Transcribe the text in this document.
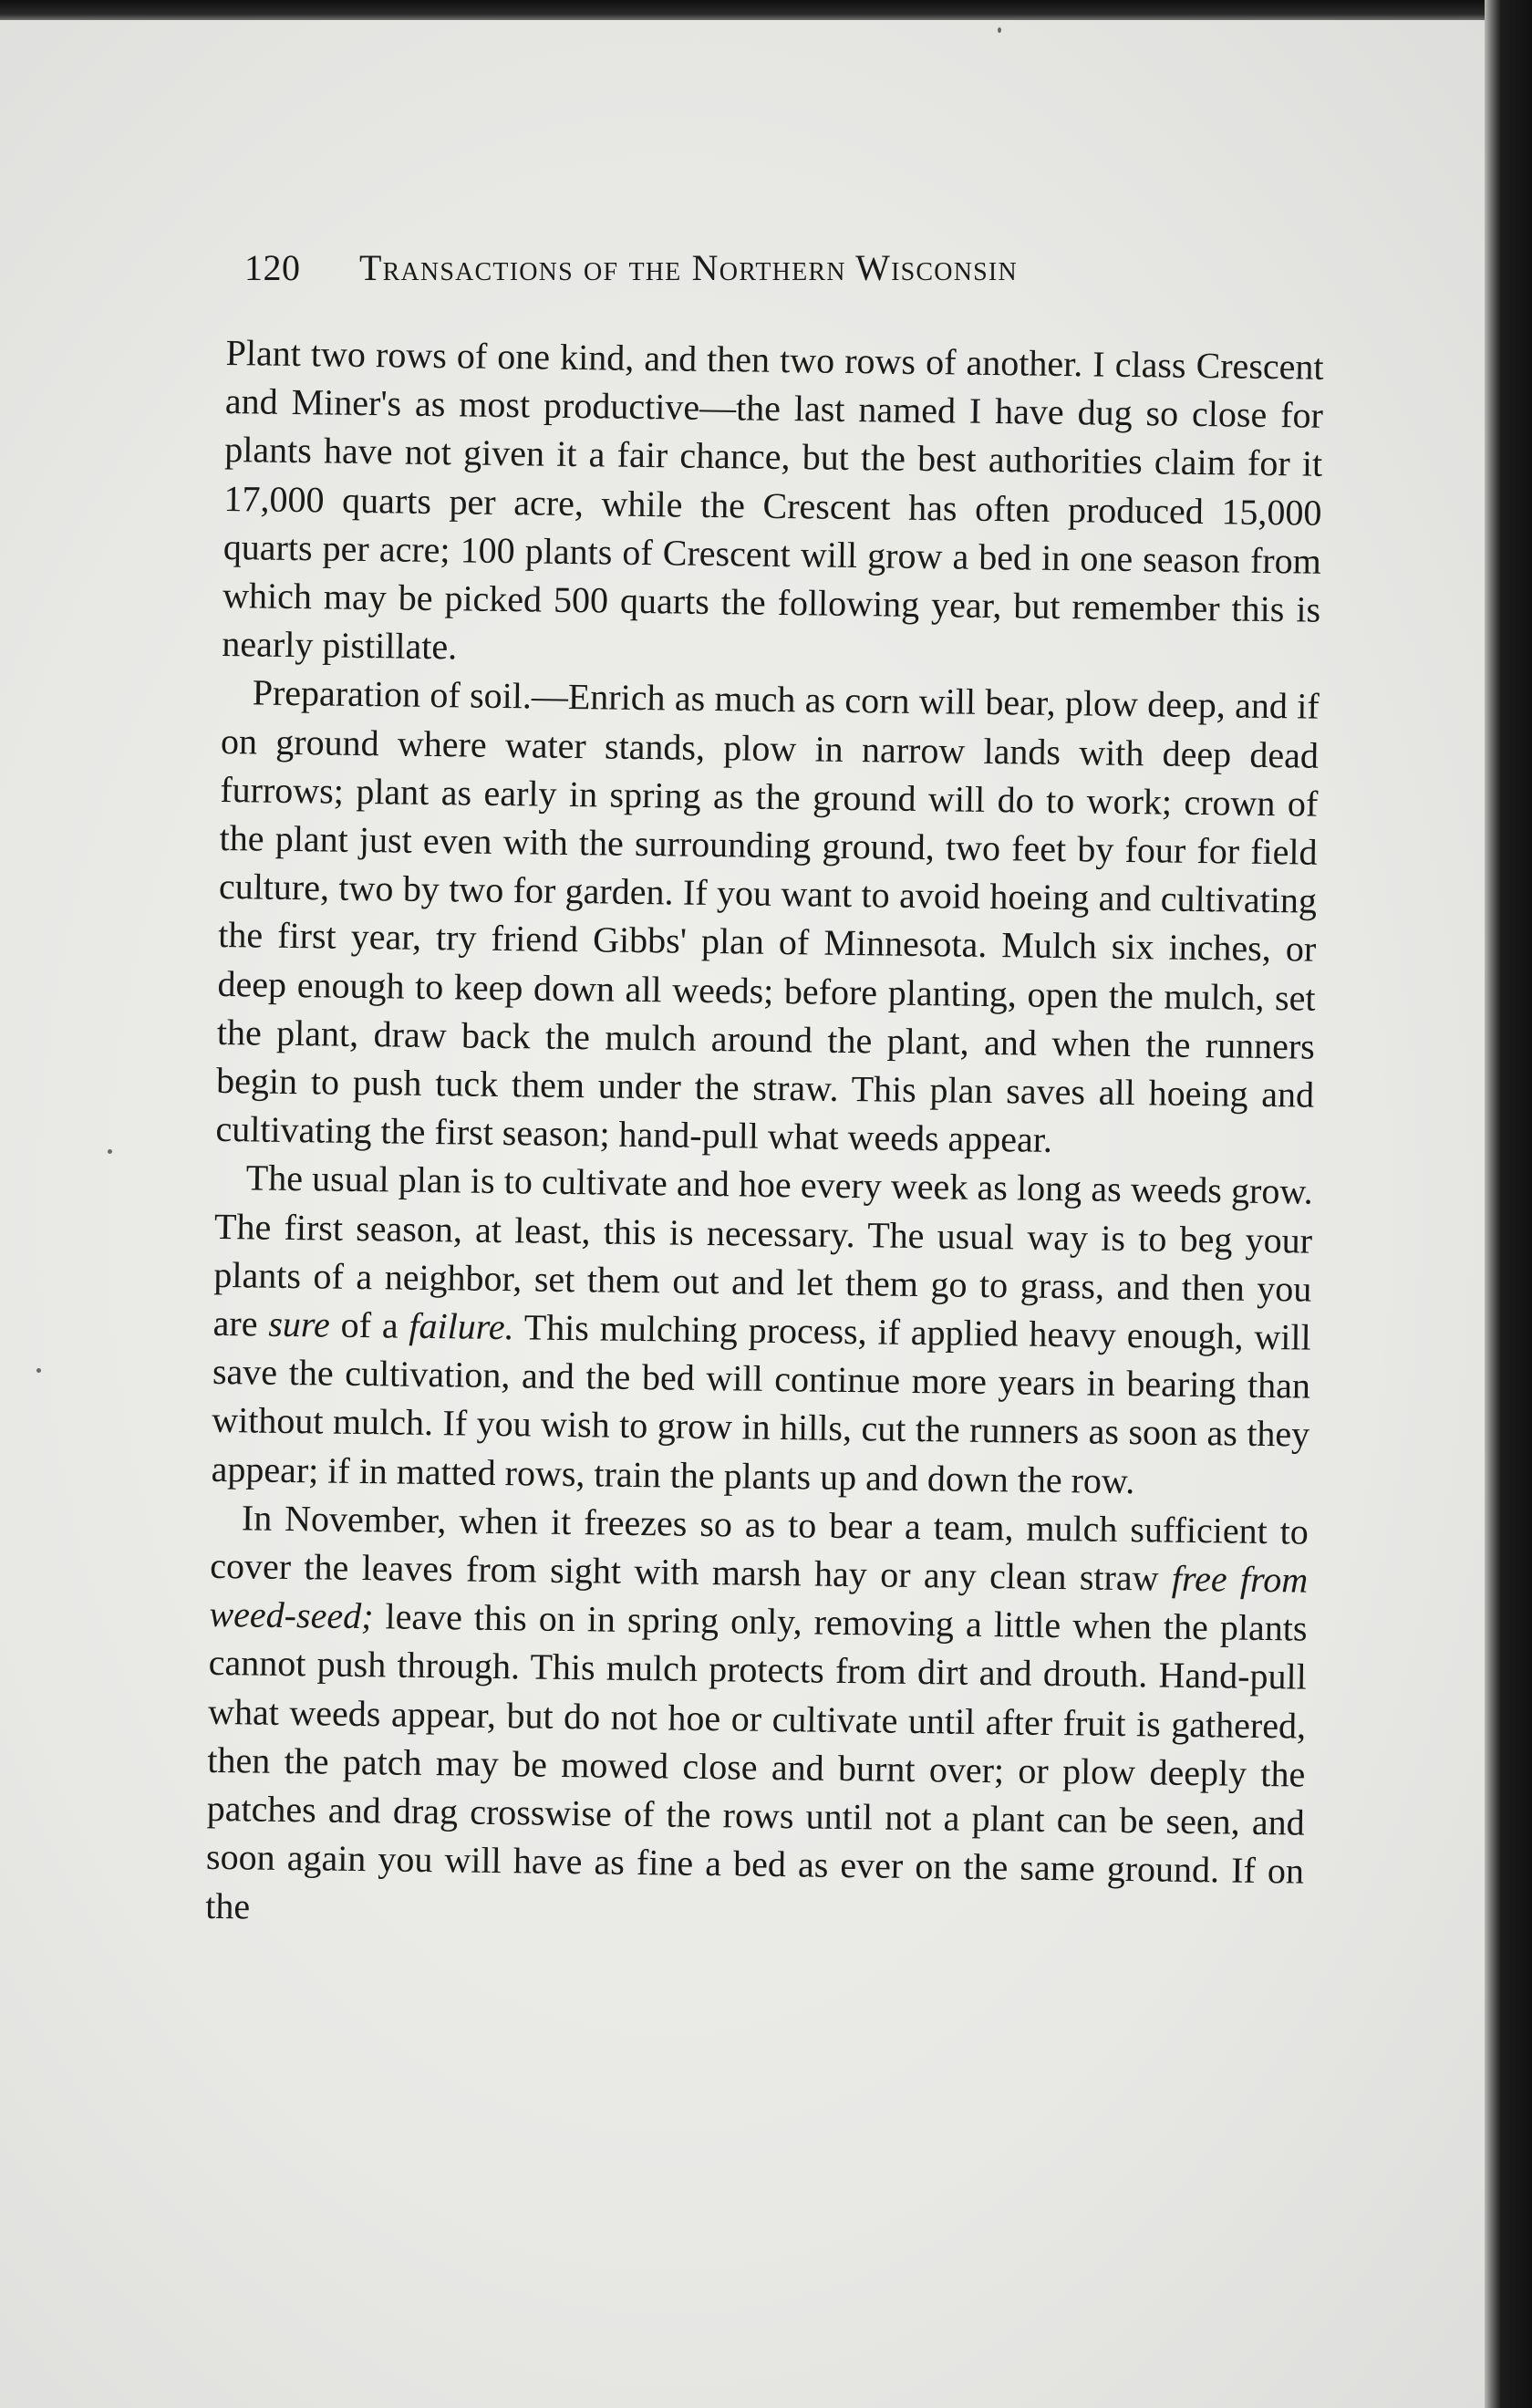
120 Transactions of the Northern Wisconsin

Plant two rows of one kind, and then two rows of another. I class Crescent and Miner's as most productive—the last named I have dug so close for plants have not given it a fair chance, but the best authorities claim for it 17,000 quarts per acre, while the Crescent has often produced 15,000 quarts per acre; 100 plants of Crescent will grow a bed in one season from which may be picked 500 quarts the following year, but remember this is nearly pistillate.

Preparation of soil.—Enrich as much as corn will bear, plow deep, and if on ground where water stands, plow in narrow lands with deep dead furrows; plant as early in spring as the ground will do to work; crown of the plant just even with the surrounding ground, two feet by four for field culture, two by two for garden. If you want to avoid hoeing and cultivating the first year, try friend Gibbs' plan of Minnesota. Mulch six inches, or deep enough to keep down all weeds; before planting, open the mulch, set the plant, draw back the mulch around the plant, and when the runners begin to push tuck them under the straw. This plan saves all hoeing and cultivating the first season; hand-pull what weeds appear.

The usual plan is to cultivate and hoe every week as long as weeds grow. The first season, at least, this is necessary. The usual way is to beg your plants of a neighbor, set them out and let them go to grass, and then you are sure of a failure. This mulching process, if applied heavy enough, will save the cultivation, and the bed will continue more years in bearing than without mulch. If you wish to grow in hills, cut the runners as soon as they appear; if in matted rows, train the plants up and down the row.

In November, when it freezes so as to bear a team, mulch sufficient to cover the leaves from sight with marsh hay or any clean straw free from weed-seed; leave this on in spring only, removing a little when the plants cannot push through. This mulch protects from dirt and drouth. Hand-pull what weeds appear, but do not hoe or cultivate until after fruit is gathered, then the patch may be mowed close and burnt over; or plow deeply the patches and drag crosswise of the rows until not a plant can be seen, and soon again you will have as fine a bed as ever on the same ground. If on the
